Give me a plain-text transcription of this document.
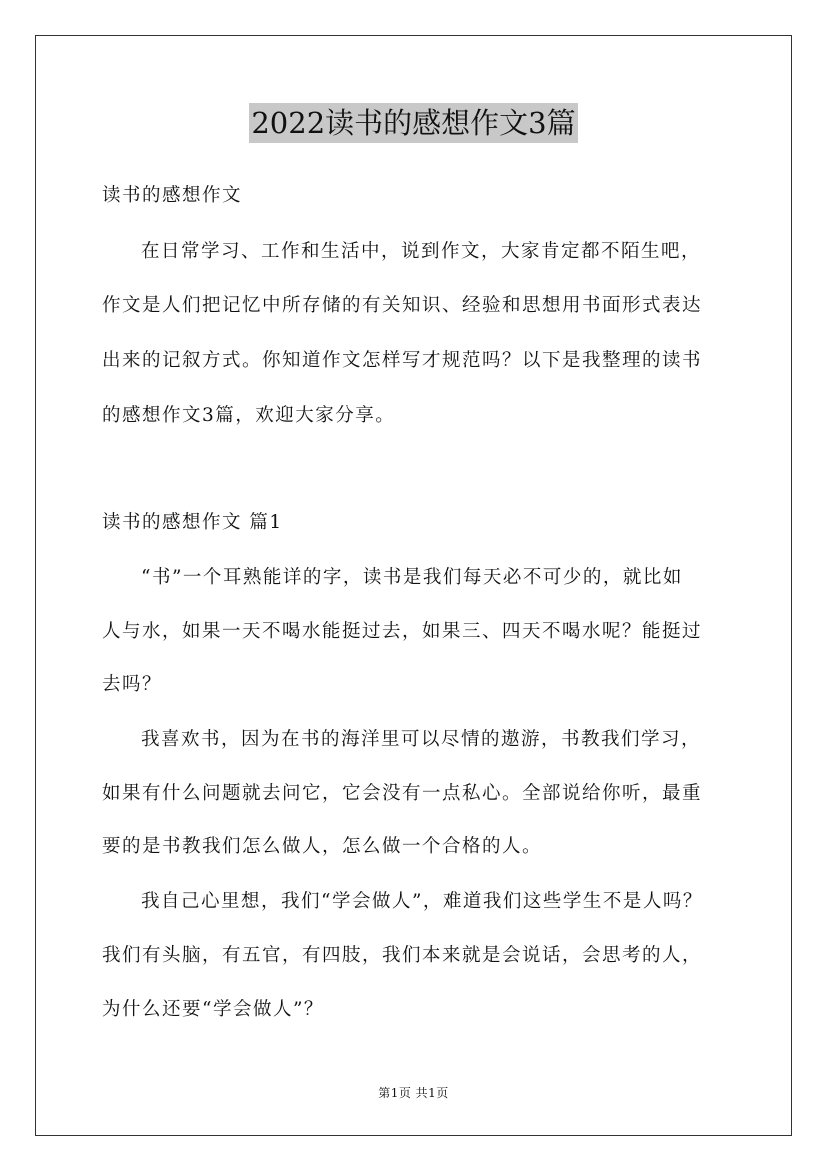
2022读书的感想作文3篇
读书的感想作文
在日常学习、工作和生活中，说到作文，大家肯定都不陌生吧，
作文是人们把记忆中所存储的有关知识、经验和思想用书面形式表达
出来的记叙方式。你知道作文怎样写才规范吗？以下是我整理的读书
的感想作文3篇，欢迎大家分享。
读书的感想作文 篇1
“书”一个耳熟能详的字，读书是我们每天必不可少的，就比如
人与水，如果一天不喝水能挺过去，如果三、四天不喝水呢？能挺过
去吗？
我喜欢书，因为在书的海洋里可以尽情的遨游，书教我们学习，
如果有什么问题就去问它，它会没有一点私心。全部说给你听，最重
要的是书教我们怎么做人，怎么做一个合格的人。
我自己心里想，我们“学会做人”，难道我们这些学生不是人吗？
我们有头脑，有五官，有四肢，我们本来就是会说话，会思考的人，
为什么还要“学会做人”？
第1页 共1页
